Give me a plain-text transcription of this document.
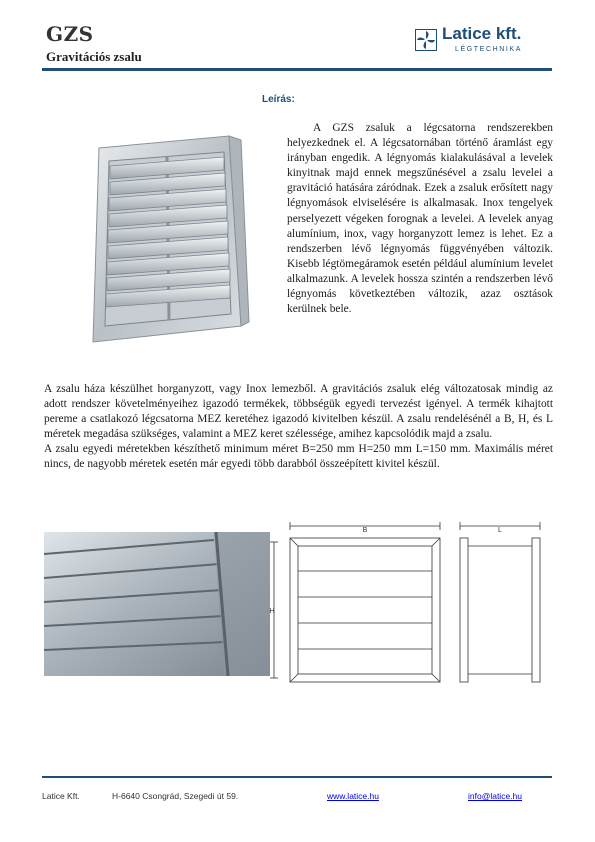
GZS
Gravitációs zsalu
Latice kft.
LÉGTECHNIKA
Leírás:
A GZS zsaluk a légcsatorna rendszerekben helyezkednek el. A légcsatornában történő áramlást egy irányban engedik. A légnyomás kialakulásával a levelek kinyitnak majd ennek megszűnésével a zsalu levelei a gravitáció hatására záródnak. Ezek a zsaluk erősített nagy légnyomások elviselésére is alkalmasak. Inox tengelyek perselyezett végeken forognak a levelei. A levelek anyag alumínium, inox, vagy horganyzott lemez is lehet. Ez a rendszerben lévő légnyomás függvényében változik. Kisebb légtömegáramok esetén például alumínium levelet alkalmazunk. A levelek hossza szintén a rendszerben lévő légnyomás következtében változik, azaz osztások kerülnek bele.
A zsalu háza készülhet horganyzott, vagy Inox lemezből. A gravitációs zsaluk elég változatosak mindig az adott rendszer követelményeihez igazodó termékek, többségük egyedi tervezést igényel. A termék kihajtott pereme a csatlakozó légcsatorna MEZ keretéhez igazodó kivitelben készül. A zsalu rendelésénél a B, H, és L méretek megadása szükséges, valamint a MEZ keret szélessége, amihez kapcsolódik majd a zsalu.
A zsalu egyedi méretekben készíthető minimum méret B=250 mm H=250 mm L=150 mm. Maximális méret nincs, de nagyobb méretek esetén már egyedi több darabból összeépített kivitel készül.
B	L
H
Latice Kft.	H-6640 Csongrád, Szegedi út 59.	www.latice.hu	info@latice.hu
